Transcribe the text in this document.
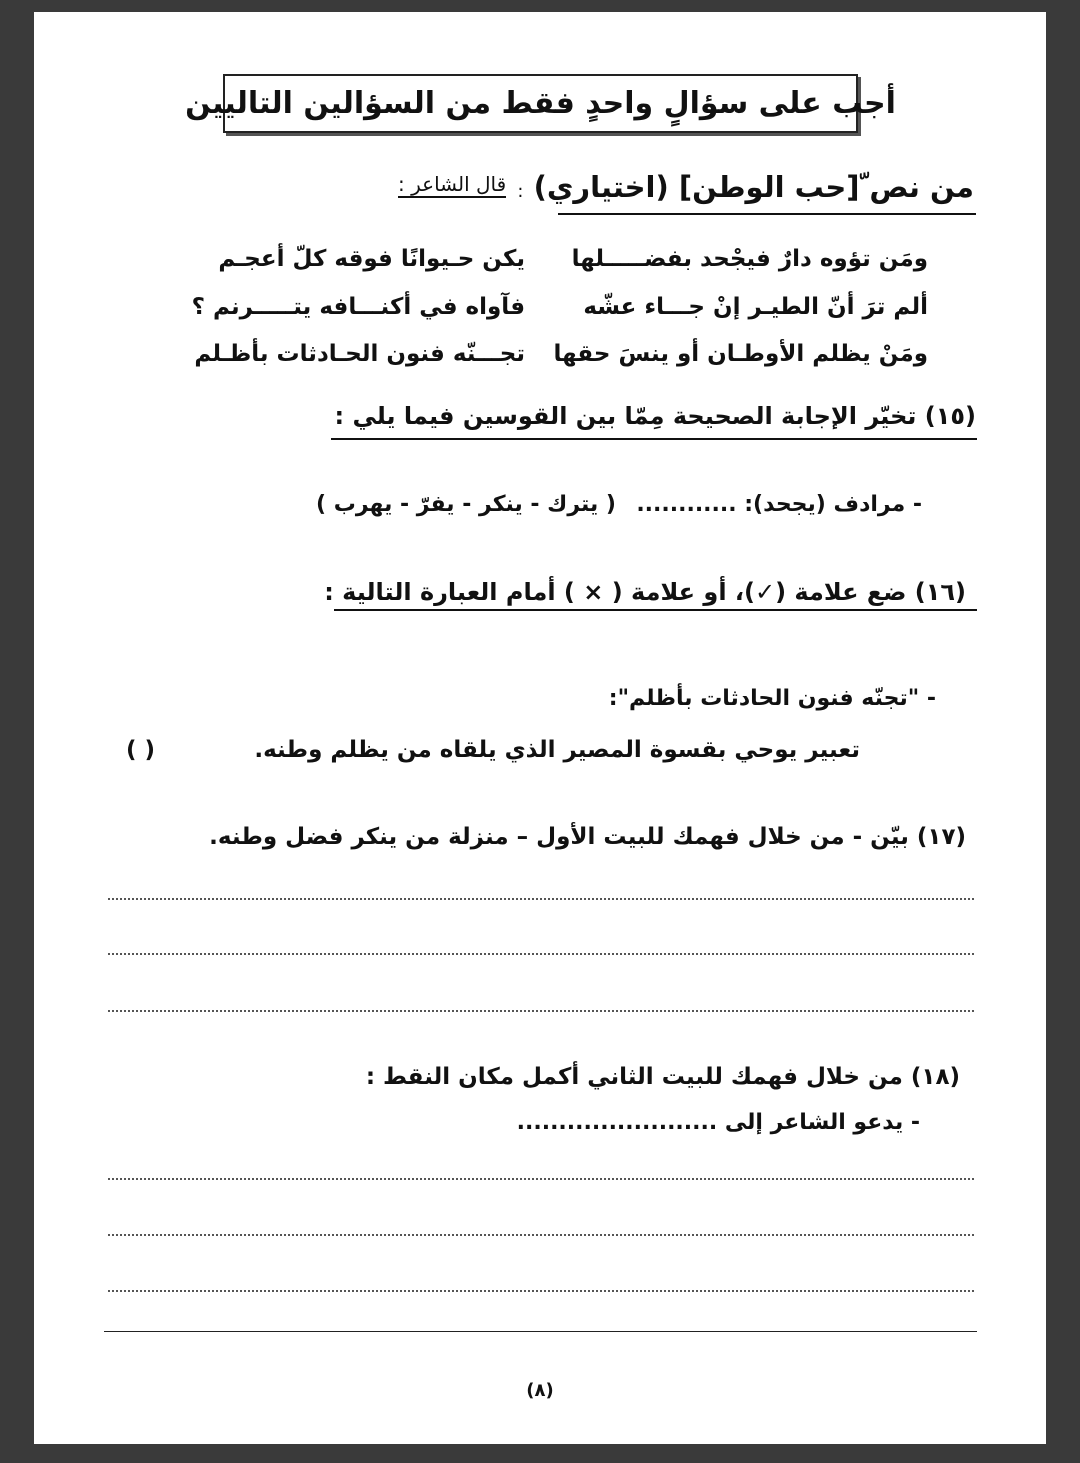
أجب على سؤالٍ واحدٍ فقط من السؤالين التاليين
من نص ّ[حب الوطن] (اختياري) :
قال الشاعر :
ومَن تؤوه دارٌ فيجْحد بفضـــــلها
يكن حـيوانًا فوقه كلّ أعجـم
ألم ترَ أنّ الطيـر إنْ جـــاء عشّه
فآواه في أكنـــافه يتـــــرنم ؟
ومَنْ يظلم الأوطـان أو ينسَ حقها
تجـــنّه فنون الحـادثات بأظـلم
(١٥) تخيّر الإجابة الصحيحة مِمّا بين القوسين فيما يلي :
- مرادف (يجحد): ............
( يترك - ينكر - يفرّ - يهرب )
(١٦) ضع علامة (✓)، أو علامة ( × ) أمام العبارة التالية :
- "تجنّه فنون الحادثات بأظلم":
تعبير يوحي بقسوة المصير الذي يلقاه من يظلم وطنه.
( )
(١٧) بيّن - من خلال فهمك للبيت الأول – منزلة من ينكر فضل وطنه.
(١٨) من خلال فهمك للبيت الثاني أكمل مكان النقط :
- يدعو الشاعر إلى ........................
(٨)
